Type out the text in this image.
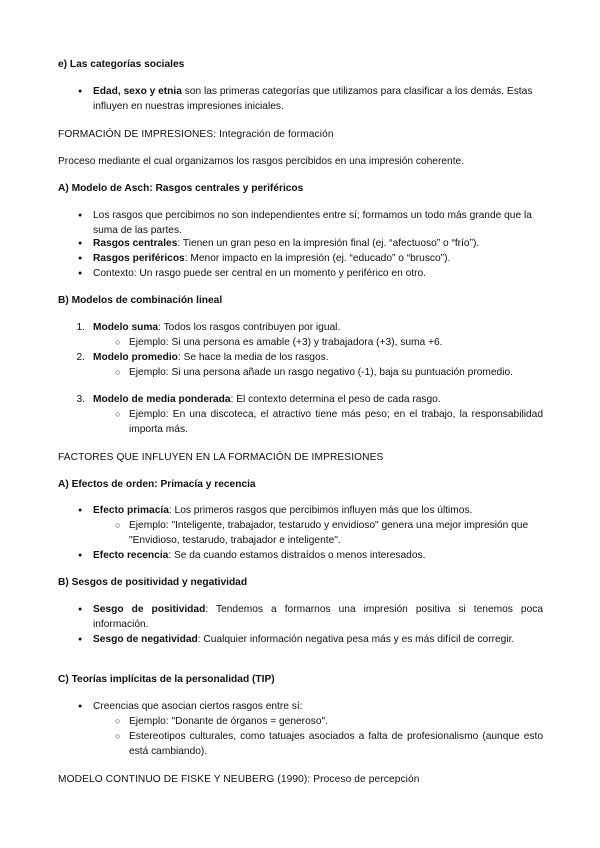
e) Las categorías sociales
● Edad, sexo y etnia son las primeras categorías que utilizamos para clasificar a los demás. Estas influyen en nuestras impresiones iniciales.
FORMACIÓN DE IMPRESIONES: Integración de formación
Proceso mediante el cual organizamos los rasgos percibidos en una impresión coherente.
A) Modelo de Asch: Rasgos centrales y periféricos
● Los rasgos que percibimos no son independientes entre sí; formamos un todo más grande que la suma de las partes.
● Rasgos centrales: Tienen un gran peso en la impresión final (ej. “afectuoso” o “frío”).
● Rasgos periféricos: Menor impacto en la impresión (ej. “educado” o “brusco”).
● Contexto: Un rasgo puede ser central en un momento y periférico en otro.
B) Modelos de combinación lineal
1. Modelo suma: Todos los rasgos contribuyen por igual.
○ Ejemplo: Si una persona es amable (+3) y trabajadora (+3), suma +6.
2. Modelo promedio: Se hace la media de los rasgos.
○ Ejemplo: Si una persona añade un rasgo negativo (-1), baja su puntuación promedio.
3. Modelo de media ponderada: El contexto determina el peso de cada rasgo.
○ Ejemplo: En una discoteca, el atractivo tiene más peso; en el trabajo, la responsabilidad importa más.
FACTORES QUE INFLUYEN EN LA FORMACIÓN DE IMPRESIONES
A) Efectos de orden: Primacía y recencia
● Efecto primacía: Los primeros rasgos que percibimos influyen más que los últimos.
○ Ejemplo: "Inteligente, trabajador, testarudo y envidioso" genera una mejor impresión que "Envidioso, testarudo, trabajador e inteligente".
● Efecto recencia: Se da cuando estamos distraídos o menos interesados.
B) Sesgos de positividad y negatividad
● Sesgo de positividad: Tendemos a formarnos una impresión positiva si tenemos poca información.
● Sesgo de negatividad: Cualquier información negativa pesa más y es más difícil de corregir.
C) Teorías implícitas de la personalidad (TIP)
● Creencias que asocian ciertos rasgos entre sí:
○ Ejemplo: "Donante de órganos = generoso".
○ Estereotipos culturales, como tatuajes asociados a falta de profesionalismo (aunque esto está cambiando).
MODELO CONTINUO DE FISKE Y NEUBERG (1990): Proceso de percepción
